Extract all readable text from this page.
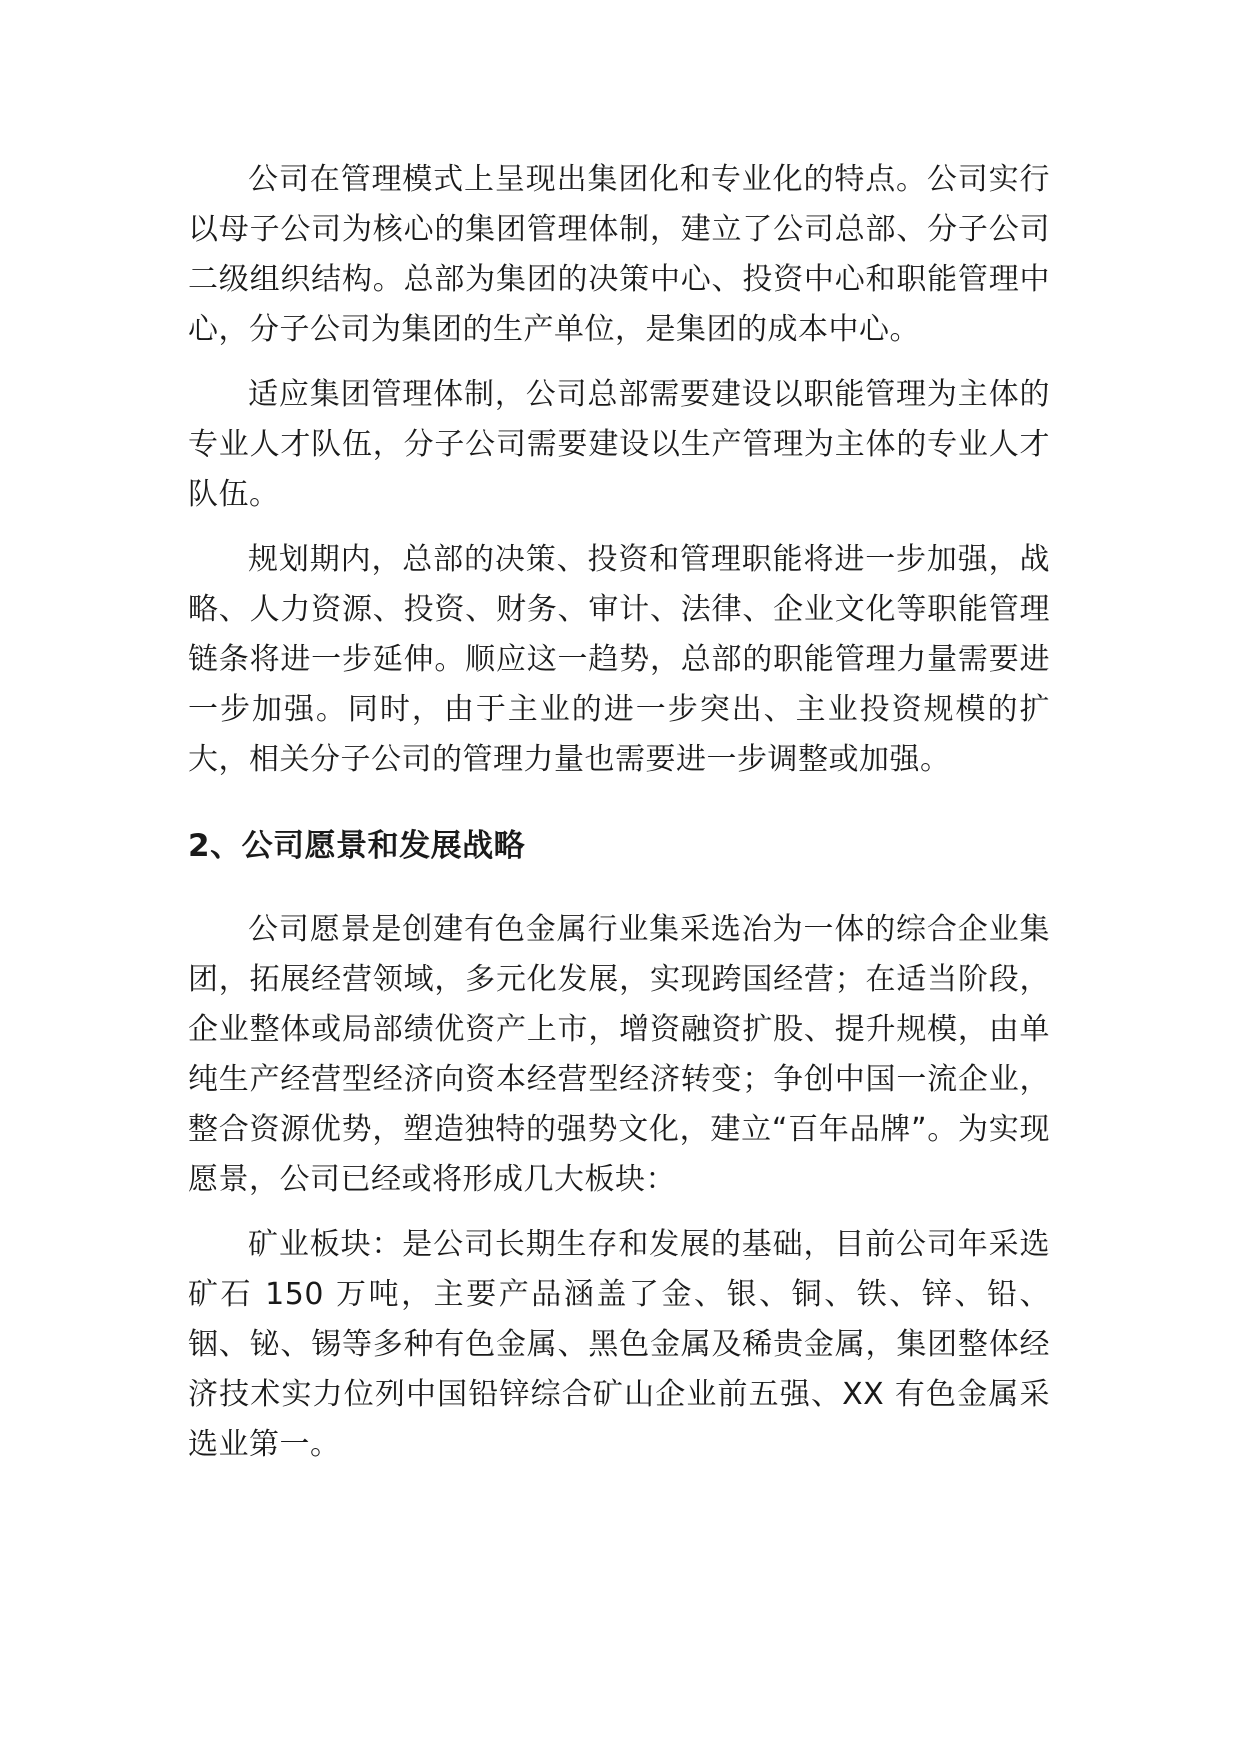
公司在管理模式上呈现出集团化和专业化的特点。公司实行以母子公司为核心的集团管理体制，建立了公司总部、分子公司二级组织结构。总部为集团的决策中心、投资中心和职能管理中心，分子公司为集团的生产单位，是集团的成本中心。

适应集团管理体制，公司总部需要建设以职能管理为主体的专业人才队伍，分子公司需要建设以生产管理为主体的专业人才队伍。

规划期内，总部的决策、投资和管理职能将进一步加强，战略、人力资源、投资、财务、审计、法律、企业文化等职能管理链条将进一步延伸。顺应这一趋势，总部的职能管理力量需要进一步加强。同时，由于主业的进一步突出、主业投资规模的扩大，相关分子公司的管理力量也需要进一步调整或加强。

2、公司愿景和发展战略

公司愿景是创建有色金属行业集采选冶为一体的综合企业集团，拓展经营领域，多元化发展，实现跨国经营；在适当阶段，企业整体或局部绩优资产上市，增资融资扩股、提升规模，由单纯生产经营型经济向资本经营型经济转变；争创中国一流企业，整合资源优势，塑造独特的强势文化，建立“百年品牌”。为实现愿景，公司已经或将形成几大板块：

矿业板块：是公司长期生存和发展的基础，目前公司年采选矿石 150 万吨，主要产品涵盖了金、银、铜、铁、锌、铅、铟、铋、锡等多种有色金属、黑色金属及稀贵金属，集团整体经济技术实力位列中国铅锌综合矿山企业前五强、XX 有色金属采选业第一。
